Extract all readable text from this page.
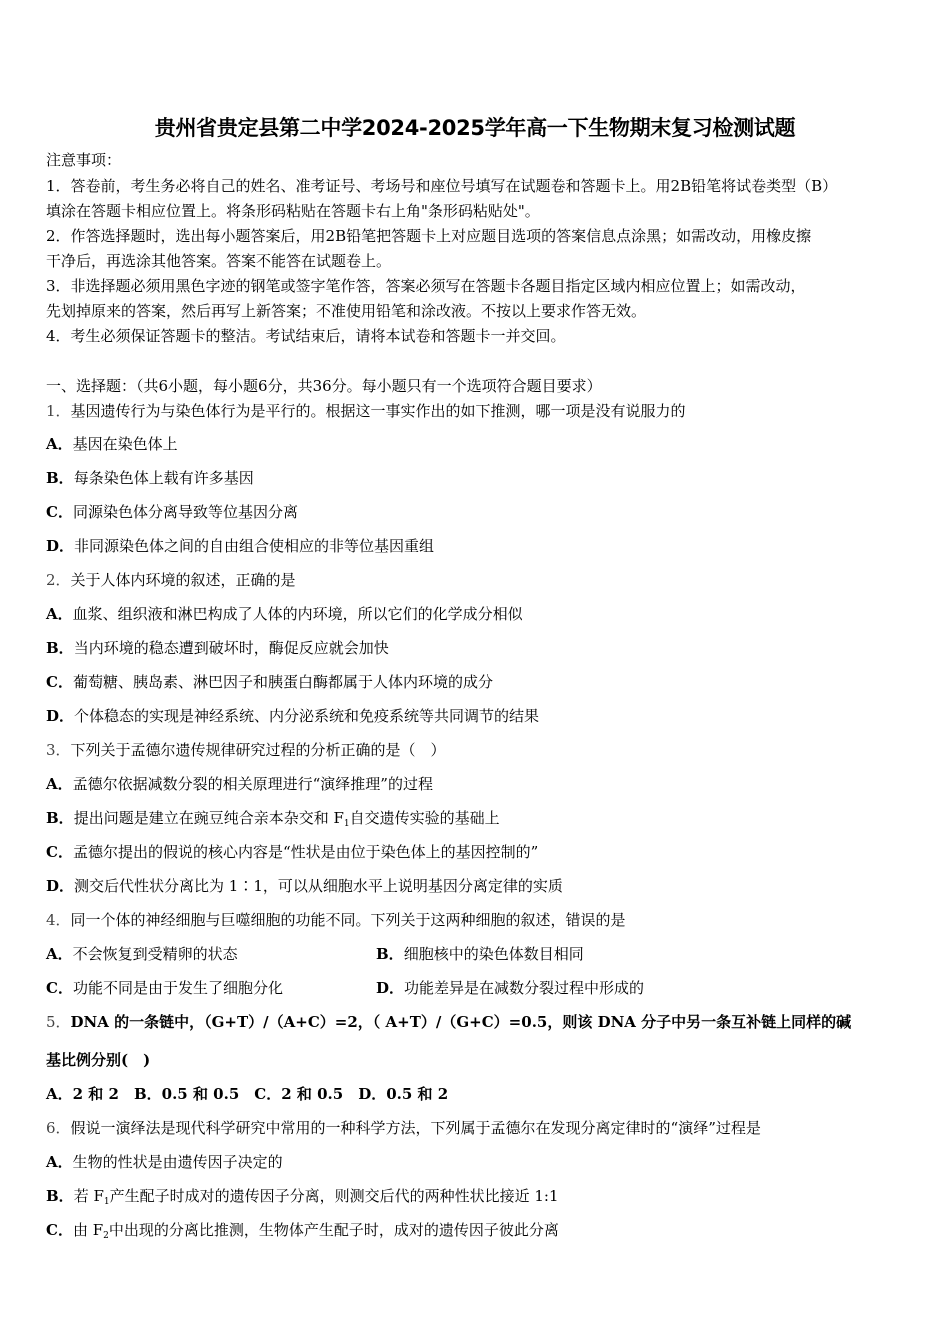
贵州省贵定县第二中学2024-2025学年高一下生物期末复习检测试题
注意事项：
1．答卷前，考生务必将自己的姓名、准考证号、考场号和座位号填写在试题卷和答题卡上。用2B铅笔将试卷类型（B）
填涂在答题卡相应位置上。将条形码粘贴在答题卡右上角"条形码粘贴处"。
2．作答选择题时，选出每小题答案后，用2B铅笔把答题卡上对应题目选项的答案信息点涂黑；如需改动，用橡皮擦
干净后，再选涂其他答案。答案不能答在试题卷上。
3．非选择题必须用黑色字迹的钢笔或签字笔作答，答案必须写在答题卡各题目指定区域内相应位置上；如需改动，
先划掉原来的答案，然后再写上新答案；不准使用铅笔和涂改液。不按以上要求作答无效。
4．考生必须保证答题卡的整洁。考试结束后，请将本试卷和答题卡一并交回。
一、选择题：（共6小题，每小题6分，共36分。每小题只有一个选项符合题目要求）
1．基因遗传行为与染色体行为是平行的。根据这一事实作出的如下推测，哪一项是没有说服力的
A．基因在染色体上
B．每条染色体上载有许多基因
C．同源染色体分离导致等位基因分离
D．非同源染色体之间的自由组合使相应的非等位基因重组
2．关于人体内环境的叙述，正确的是
A．血浆、组织液和淋巴构成了人体的内环境，所以它们的化学成分相似
B．当内环境的稳态遭到破坏时，酶促反应就会加快
C．葡萄糖、胰岛素、淋巴因子和胰蛋白酶都属于人体内环境的成分
D．个体稳态的实现是神经系统、内分泌系统和免疫系统等共同调节的结果
3．下列关于孟德尔遗传规律研究过程的分析正确的是（　）
A．孟德尔依据减数分裂的相关原理进行“演绎推理”的过程
B．提出问题是建立在豌豆纯合亲本杂交和 $F_1$自交遗传实验的基础上
C．孟德尔提出的假说的核心内容是“性状是由位于染色体上的基因控制的”
D．测交后代性状分离比为 1∶1，可以从细胞水平上说明基因分离定律的实质
4．同一个体的神经细胞与巨噬细胞的功能不同。下列关于这两种细胞的叙述，错误的是
A．不会恢复到受精卵的状态	B．细胞核中的染色体数目相同
C．功能不同是由于发生了细胞分化	D．功能差异是在减数分裂过程中形成的
5．DNA 的一条链中，（G+T）/（A+C）=2，（ A+T）/（G+C）=0.5，则该 DNA 分子中另一条互补链上同样的碱
基比例分别(　)
A．2 和 2　B．0.5 和 0.5　C．2 和 0.5　D．0.5 和 2
6．假说一演绎法是现代科学研究中常用的一种科学方法，下列属于孟德尔在发现分离定律时的“演绎”过程是
A．生物的性状是由遗传因子决定的
B．若 $F_1$产生配子时成对的遗传因子分离，则测交后代的两种性状比接近 1:1
C．由 $F_2$中出现的分离比推测，生物体产生配子时，成对的遗传因子彼此分离
